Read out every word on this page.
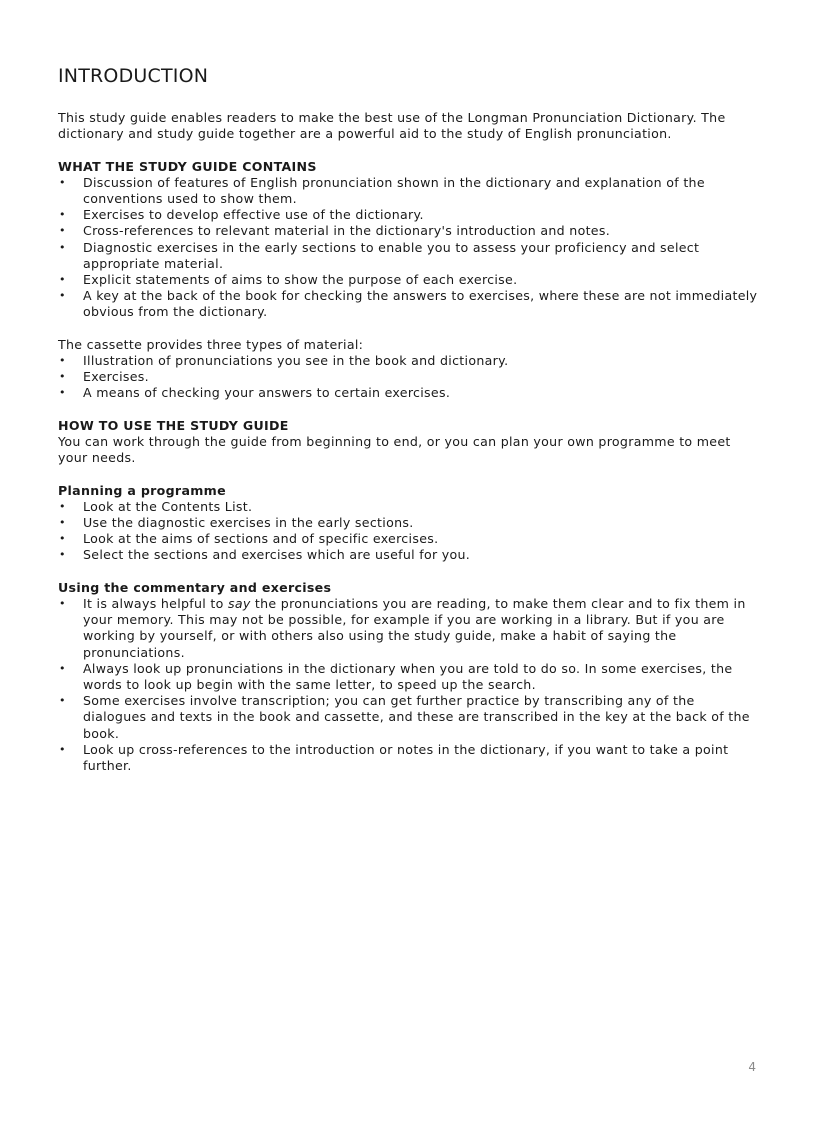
INTRODUCTION

This study guide enables readers to make the best use of the Longman Pronunciation Dictionary. The dictionary and study guide together are a powerful aid to the study of English pronunciation.

WHAT THE STUDY GUIDE CONTAINS

• Discussion of features of English pronunciation shown in the dictionary and explanation of the conventions used to show them.
• Exercises to develop effective use of the dictionary.
• Cross-references to relevant material in the dictionary's introduction and notes.
• Diagnostic exercises in the early sections to enable you to assess your proficiency and select appropriate material.
• Explicit statements of aims to show the purpose of each exercise.
• A key at the back of the book for checking the answers to exercises, where these are not immediately obvious from the dictionary.

The cassette provides three types of material:

• Illustration of pronunciations you see in the book and dictionary.
• Exercises.
• A means of checking your answers to certain exercises.

HOW TO USE THE STUDY GUIDE

You can work through the guide from beginning to end, or you can plan your own programme to meet your needs.

Planning a programme

• Look at the Contents List.
• Use the diagnostic exercises in the early sections.
• Look at the aims of sections and of specific exercises.
• Select the sections and exercises which are useful for you.

Using the commentary and exercises

• It is always helpful to say the pronunciations you are reading, to make them clear and to fix them in your memory. This may not be possible, for example if you are working in a library. But if you are working by yourself, or with others also using the study guide, make a habit of saying the pronunciations.
• Always look up pronunciations in the dictionary when you are told to do so. In some exercises, the words to look up begin with the same letter, to speed up the search.
• Some exercises involve transcription; you can get further practice by transcribing any of the dialogues and texts in the book and cassette, and these are transcribed in the key at the back of the book.
• Look up cross-references to the introduction or notes in the dictionary, if you want to take a point further.
4
